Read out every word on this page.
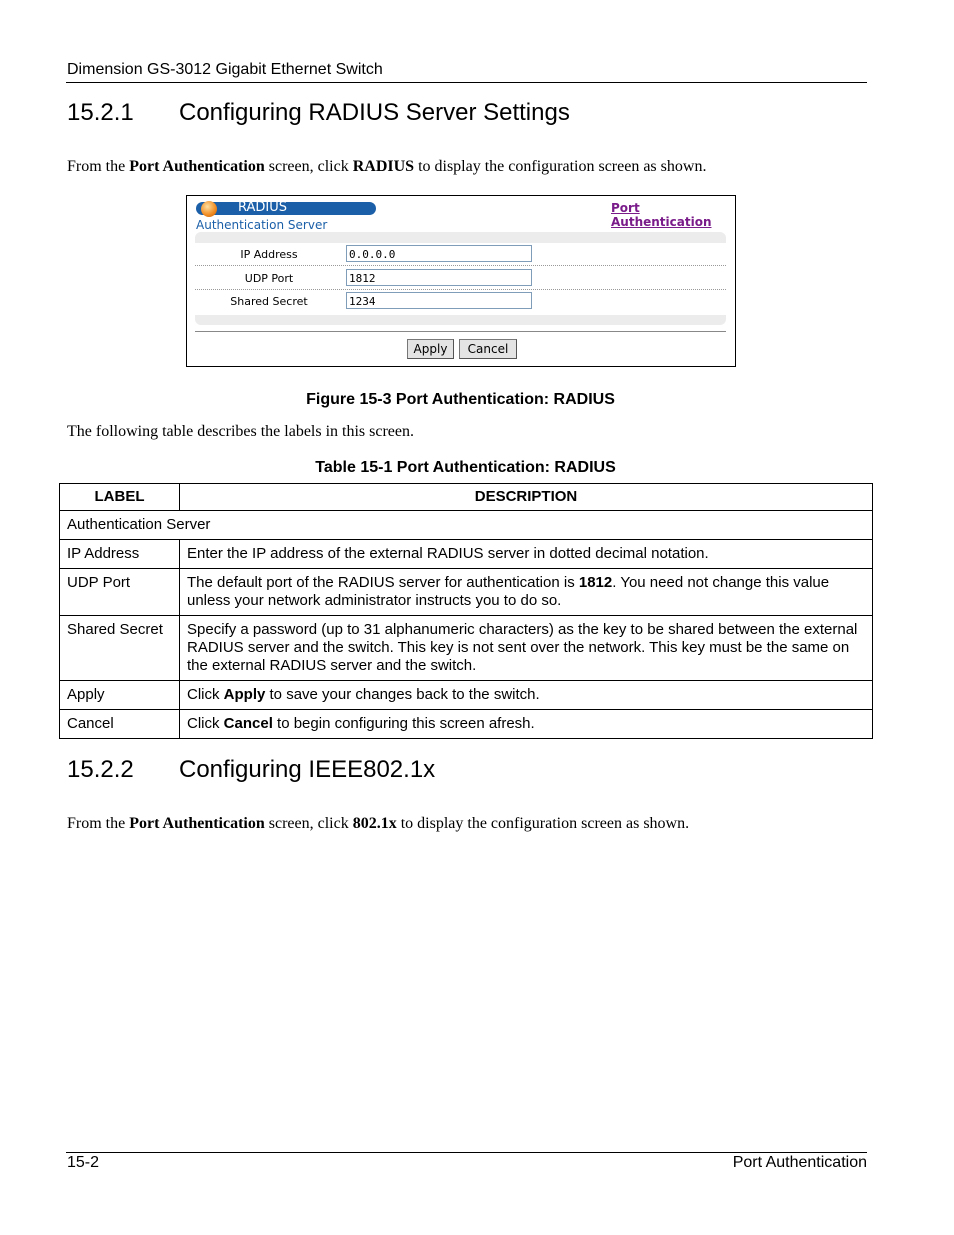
Dimension GS-3012 Gigabit Ethernet Switch
15.2.1 Configuring RADIUS Server Settings
From the Port Authentication screen, click RADIUS to display the configuration screen as shown.
RADIUS
Authentication Server
Port Authentication
IP Address	0.0.0.0
UDP Port	1812
Shared Secret	1234
Apply	Cancel
Figure 15-3 Port Authentication: RADIUS
The following table describes the labels in this screen.
Table 15-1 Port Authentication: RADIUS
LABEL	DESCRIPTION
Authentication Server	
IP Address	Enter the IP address of the external RADIUS server in dotted decimal notation.
UDP Port	The default port of the RADIUS server for authentication is 1812. You need not change this value unless your network administrator instructs you to do so.
Shared Secret	Specify a password (up to 31 alphanumeric characters) as the key to be shared between the external RADIUS server and the switch. This key is not sent over the network. This key must be the same on the external RADIUS server and the switch.
Apply	Click Apply to save your changes back to the switch.
Cancel	Click Cancel to begin configuring this screen afresh.
15.2.2 Configuring IEEE802.1x
From the Port Authentication screen, click 802.1x to display the configuration screen as shown.
15-2	Port Authentication
